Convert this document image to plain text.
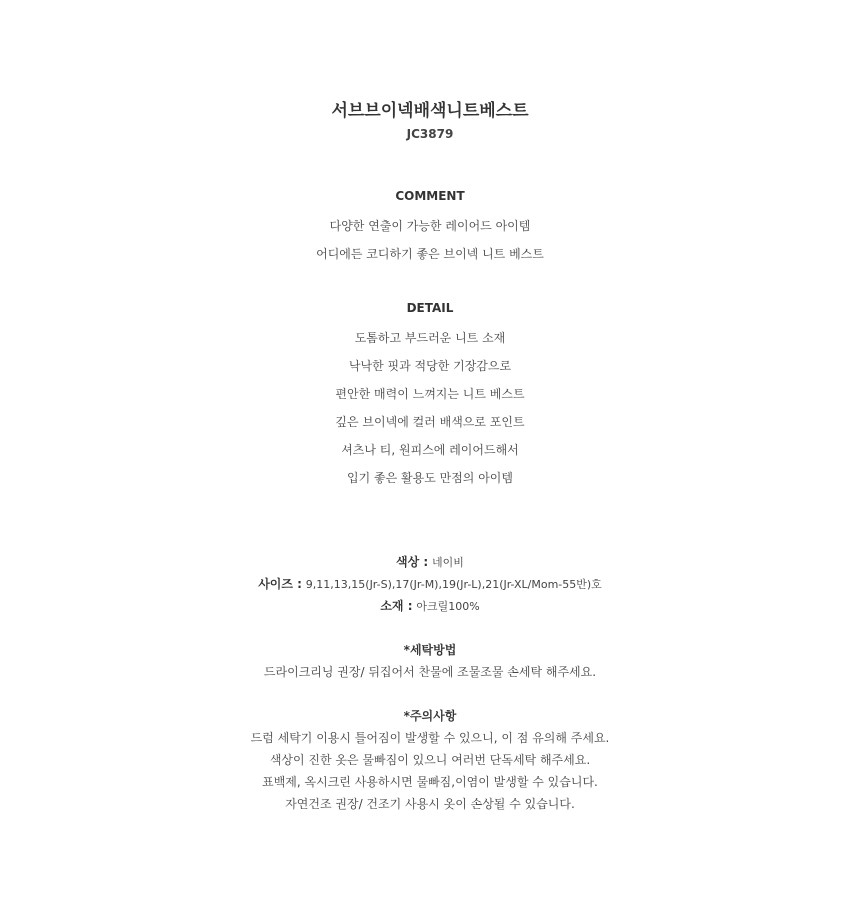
서브브이넥배색니트베스트
JC3879
COMMENT
다양한 연출이 가능한 레이어드 아이템
어디에든 코디하기 좋은 브이넥 니트 베스트
DETAIL
도톰하고 부드러운 니트 소재
낙낙한 핏과 적당한 기장감으로
편안한 매력이 느껴지는 니트 베스트
깊은 브이넥에 컬러 배색으로 포인트
셔츠나 티, 원피스에 레이어드해서
입기 좋은 활용도 만점의 아이템
색상 : 네이비
사이즈 : 9,11,13,15(Jr-S),17(Jr-M),19(Jr-L),21(Jr-XL/Mom-55반)호
소재 : 아크릴100%
*세탁방법
드라이크리닝 권장/ 뒤집어서 찬물에 조물조물 손세탁 해주세요.
*주의사항
드럼 세탁기 이용시 틀어짐이 발생할 수 있으니, 이 점 유의해 주세요.
색상이 진한 옷은 물빠짐이 있으니 여러번 단독세탁 해주세요.
표백제, 옥시크린 사용하시면 물빠짐,이염이 발생할 수 있습니다.
자연건조 권장/ 건조기 사용시 옷이 손상될 수 있습니다.
